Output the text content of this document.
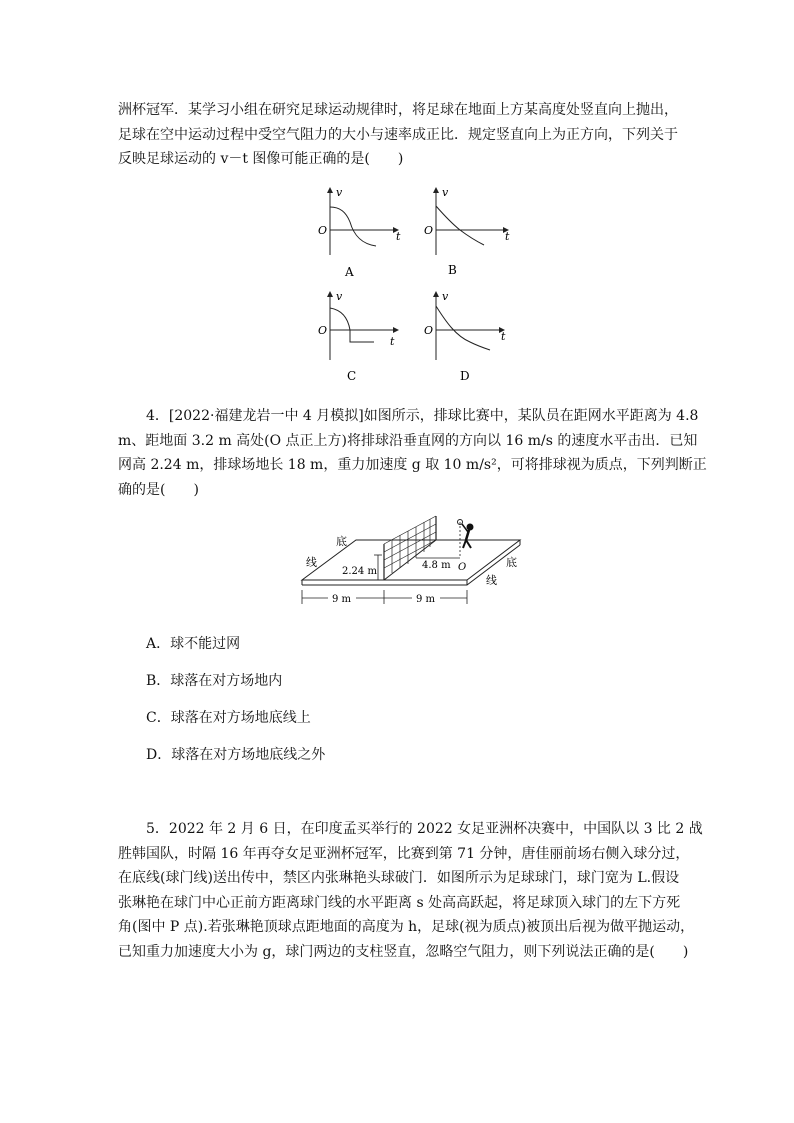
洲杯冠军．某学习小组在研究足球运动规律时，将足球在地面上方某高度处竖直向上抛出，
足球在空中运动过程中受空气阻力的大小与速率成正比．规定竖直向上为正方向，下列关于
反映足球运动的 v－t 图像可能正确的是(　　)
v
t
O
A
v
t
O
B
v
t
O
C
v
t
O
D
4．[2022·福建龙岩一中 4 月模拟]如图所示，排球比赛中，某队员在距网水平距离为 4.8
m、距地面 3.2 m 高处(O 点正上方)将排球沿垂直网的方向以 16 m/s 的速度水平击出．已知
网高 2.24 m，排球场地长 18 m，重力加速度 g 取 10 m/s²，可将排球视为质点，下列判断正
确的是(　　)
2.24 m
4.8 m O
底
线	底
线
9 m	9 m
A．球不能过网
B．球落在对方场地内
C．球落在对方场地底线上
D．球落在对方场地底线之外
5．2022 年 2 月 6 日，在印度孟买举行的 2022 女足亚洲杯决赛中，中国队以 3 比 2 战
胜韩国队，时隔 16 年再夺女足亚洲杯冠军，比赛到第 71 分钟，唐佳丽前场右侧入球分过，
在底线(球门线)送出传中，禁区内张琳艳头球破门．如图所示为足球球门，球门宽为 L.假设
张琳艳在球门中心正前方距离球门线的水平距离 s 处高高跃起，将足球顶入球门的左下方死
角(图中 P 点).若张琳艳顶球点距地面的高度为 h，足球(视为质点)被顶出后视为做平抛运动，
已知重力加速度大小为 g，球门两边的支柱竖直，忽略空气阻力，则下列说法正确的是(　　)
